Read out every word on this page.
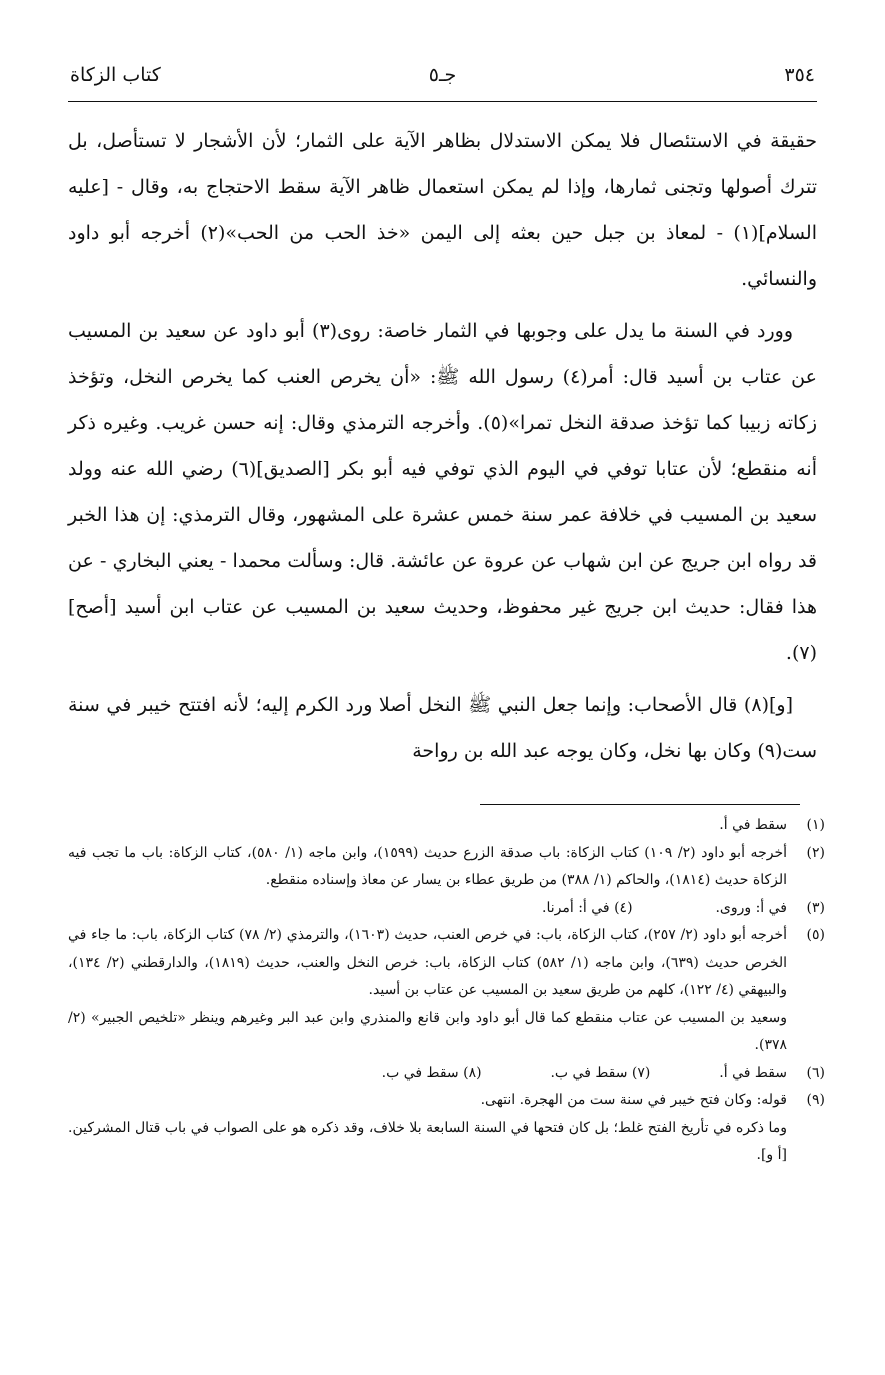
٣٥٤
جـ٥
كتاب الزكاة

حقيقة في الاستئصال فلا يمكن الاستدلال بظاهر الآية على الثمار؛ لأن الأشجار لا تستأصل، بل تترك أصولها وتجنى ثمارها، وإذا لم يمكن استعمال ظاهر الآية سقط الاحتجاج به، وقال - [عليه السلام](١) - لمعاذ بن جبل حين بعثه إلى اليمن «خذ الحب من الحب»(٢) أخرجه أبو داود والنسائي.

وورد في السنة ما يدل على وجوبها في الثمار خاصة: روى(٣) أبو داود عن سعيد بن المسيب عن عتاب بن أسيد قال: أمر(٤) رسول الله ﷺ: «أن يخرص العنب كما يخرص النخل، وتؤخذ زكاته زبيبا كما تؤخذ صدقة النخل تمرا»(٥). وأخرجه الترمذي وقال: إنه حسن غريب. وغيره ذكر أنه منقطع؛ لأن عتابا توفي في اليوم الذي توفي فيه أبو بكر [الصديق](٦) رضي الله عنه وولد سعيد بن المسيب في خلافة عمر سنة خمس عشرة على المشهور، وقال الترمذي: إن هذا الخبر قد رواه ابن جريج عن ابن شهاب عن عروة عن عائشة. قال: وسألت محمدا - يعني البخاري - عن هذا فقال: حديث ابن جريج غير محفوظ، وحديث سعيد بن المسيب عن عتاب ابن أسيد [أصح](٧).

[و](٨) قال الأصحاب: وإنما جعل النبي ﷺ النخل أصلا ورد الكرم إليه؛ لأنه افتتح خيبر في سنة ست(٩) وكان بها نخل، وكان يوجه عبد الله بن رواحة

(١)
سقط في أ.
(٢)
أخرجه أبو داود (٢/ ١٠٩) كتاب الزكاة: باب صدقة الزرع حديث (١٥٩٩)، وابن ماجه (١/ ٥٨٠)، كتاب الزكاة: باب ما تجب فيه الزكاة حديث (١٨١٤)، والحاكم (١/ ٣٨٨) من طريق عطاء بن يسار عن معاذ وإسناده منقطع.
(٣)
في أ: وروى. (٤) في أ: أمرنا.
(٥)
أخرجه أبو داود (٢/ ٢٥٧)، كتاب الزكاة، باب: في خرص العنب، حديث (١٦٠٣)، والترمذي (٢/ ٧٨) كتاب الزكاة، باب: ما جاء في الخرص حديث (٦٣٩)، وابن ماجه (١/ ٥٨٢) كتاب الزكاة، باب: خرص النخل والعنب، حديث (١٨١٩)، والدارقطني (٢/ ١٣٤)، والبيهقي (٤/ ١٢٢)، كلهم من طريق سعيد بن المسيب عن عتاب بن أسيد.
وسعيد بن المسيب عن عتاب منقطع كما قال أبو داود وابن قانع والمنذري وابن عبد البر وغيرهم وينظر «تلخيص الجبير» (٢/ ٣٧٨).
(٦)
سقط في أ.  (٧) سقط في ب.  (٨) سقط في ب.
(٩)
قوله: وكان فتح خيبر في سنة ست من الهجرة. انتهى.
وما ذكره في تأريخ الفتح غلط؛ بل كان فتحها في السنة السابعة بلا خلاف، وقد ذكره هو على الصواب في باب قتال المشركين. [أ و].
